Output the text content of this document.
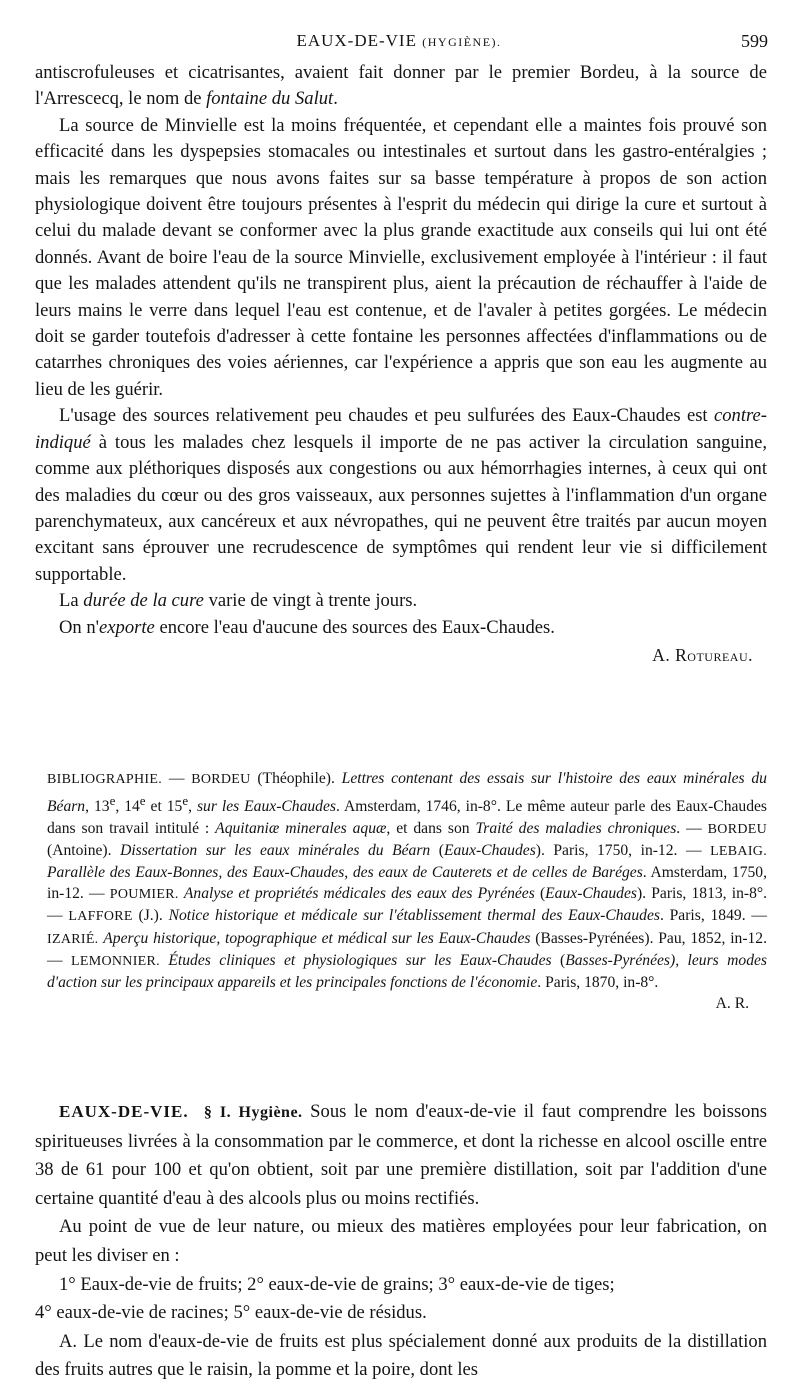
EAUX-DE-VIE (HYGIÈNE).	599

antiscrofuleuses et cicatrisantes, avaient fait donner par le premier Bordeu, à la source de l'Arrescecq, le nom de fontaine du Salut.

La source de Minvielle est la moins fréquentée, et cependant elle a maintes fois prouvé son efficacité dans les dyspepsies stomacales ou intestinales et surtout dans les gastro-entéralgies ; mais les remarques que nous avons faites sur sa basse température à propos de son action physiologique doivent être toujours présentes à l'esprit du médecin qui dirige la cure et surtout à celui du malade devant se conformer avec la plus grande exactitude aux conseils qui lui ont été donnés. Avant de boire l'eau de la source Minvielle, exclusivement employée à l'intérieur : il faut que les malades attendent qu'ils ne transpirent plus, aient la précaution de réchauffer à l'aide de leurs mains le verre dans lequel l'eau est contenue, et de l'avaler à petites gorgées. Le médecin doit se garder toutefois d'adresser à cette fontaine les personnes affectées d'inflammations ou de catarrhes chroniques des voies aériennes, car l'expérience a appris que son eau les augmente au lieu de les guérir.

L'usage des sources relativement peu chaudes et peu sulfurées des Eaux-Chaudes est contre-indiqué à tous les malades chez lesquels il importe de ne pas activer la circulation sanguine, comme aux pléthoriques disposés aux congestions ou aux hémorrhagies internes, à ceux qui ont des maladies du cœur ou des gros vaisseaux, aux personnes sujettes à l'inflammation d'un organe parenchymateux, aux cancéreux et aux névropathes, qui ne peuvent être traités par aucun moyen excitant sans éprouver une recrudescence de symptômes qui rendent leur vie si difficilement supportable.

La durée de la cure varie de vingt à trente jours.

On n'exporte encore l'eau d'aucune des sources des Eaux-Chaudes.

A. Rotureau.

BIBLIOGRAPHIE. — BORDEU (Théophile). Lettres contenant des essais sur l'histoire des eaux minérales du Béarn, 13e, 14e et 15e, sur les Eaux-Chaudes. Amsterdam, 1746, in-8°. Le même auteur parle des Eaux-Chaudes dans son travail intitulé : Aquitaniæ minerales aquæ, et dans son Traité des maladies chroniques. — BORDEU (Antoine). Dissertation sur les eaux minérales du Béarn (Eaux-Chaudes). Paris, 1750, in-12. — LEBAIG. Parallèle des Eaux-Bonnes, des Eaux-Chaudes, des eaux de Cauterets et de celles de Baréges. Amsterdam, 1750, in-12. — POUMIER. Analyse et propriétés médicales des eaux des Pyrénées (Eaux-Chaudes). Paris, 1813, in-8°. — LAFFORE (J.). Notice historique et médicale sur l'établissement thermal des Eaux-Chaudes. Paris, 1849. — IZARIÉ. Aperçu historique, topographique et médical sur les Eaux-Chaudes (Basses-Pyrénées). Pau, 1852, in-12. — LEMONNIER. Études cliniques et physiologiques sur les Eaux-Chaudes (Basses-Pyrénées), leurs modes d'action sur les principaux appareils et les principales fonctions de l'économie. Paris, 1870, in-8°.

A. R.

EAUX-DE-VIE. § I. Hygiène. Sous le nom d'eaux-de-vie il faut comprendre les boissons spiritueuses livrées à la consommation par le commerce, et dont la richesse en alcool oscille entre 38 de 61 pour 100 et qu'on obtient, soit par une première distillation, soit par l'addition d'une certaine quantité d'eau à des alcools plus ou moins rectifiés.

Au point de vue de leur nature, ou mieux des matières employées pour leur fabrication, on peut les diviser en :

1° Eaux-de-vie de fruits; 2° eaux-de-vie de grains; 3° eaux-de-vie de tiges;

4° eaux-de-vie de racines; 5° eaux-de-vie de résidus.

A. Le nom d'eaux-de-vie de fruits est plus spécialement donné aux produits de la distillation des fruits autres que le raisin, la pomme et la poire, dont les
